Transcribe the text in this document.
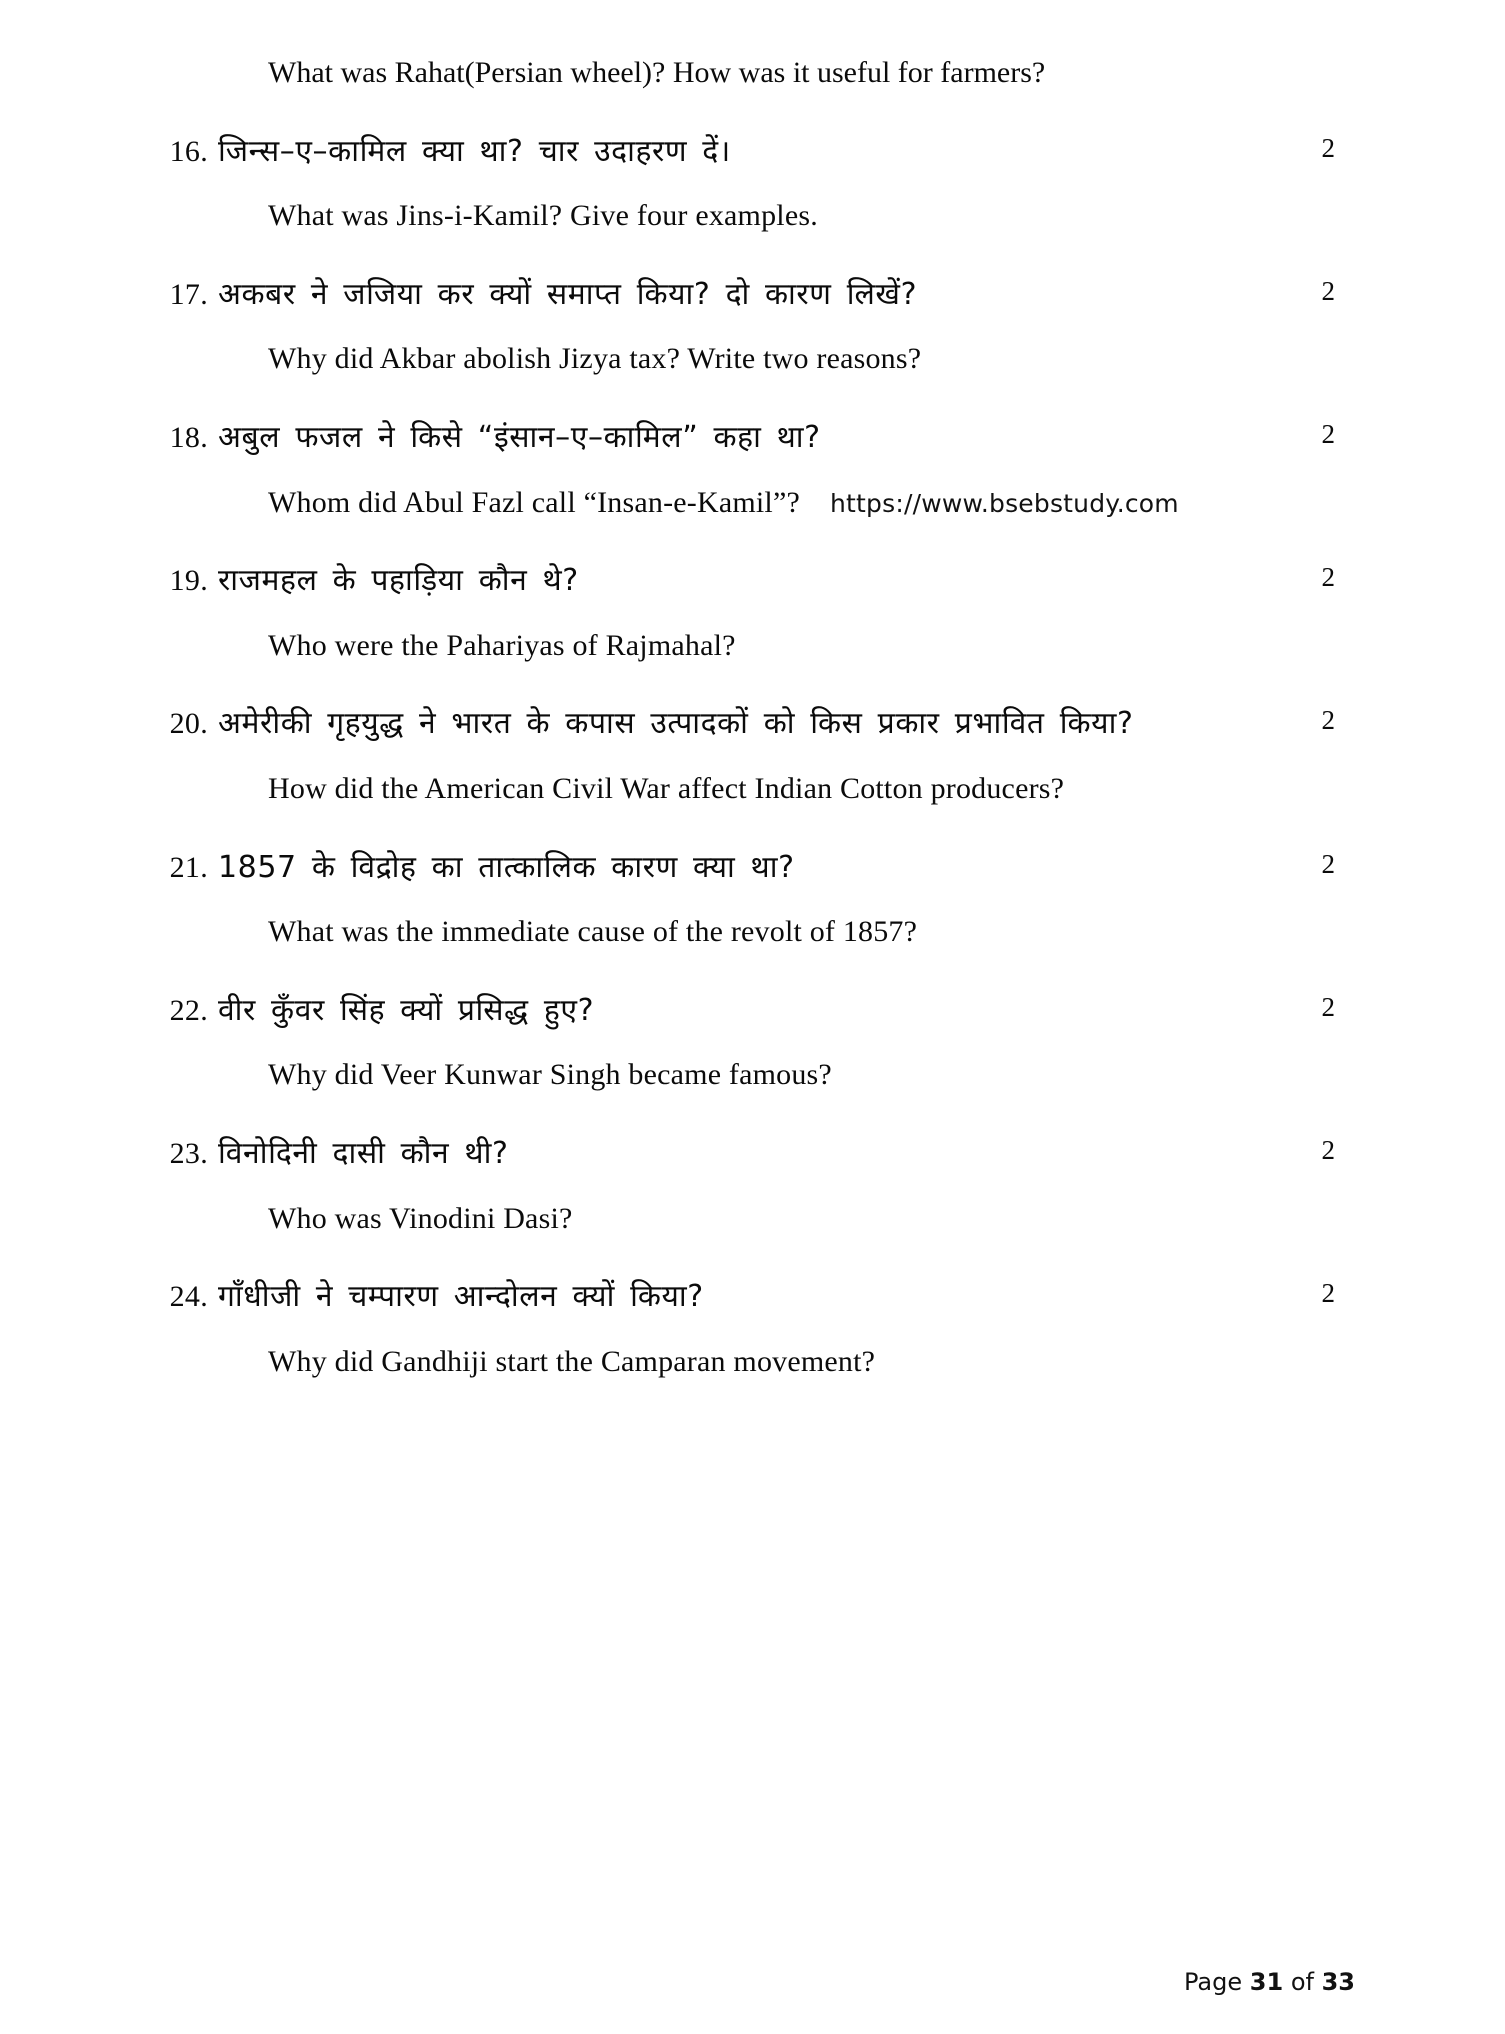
What was Rahat(Persian wheel)? How was it useful for farmers?
16. जिन्स–ए–कामिल क्या था? चार उदाहरण दें।	2
What was Jins-i-Kamil? Give four examples.
17. अकबर ने जजिया कर क्यों समाप्त किया? दो कारण लिखें?	2
Why did Akbar abolish Jizya tax? Write two reasons?
18. अबुल फजल ने किसे “इंसान–ए–कामिल” कहा था?	2
Whom did Abul Fazl call “Insan-e-Kamil”? https://www.bsebstudy.com
19. राजमहल के पहाड़िया कौन थे?	2
Who were the Pahariyas of Rajmahal?
20. अमेरीकी गृहयुद्ध ने भारत के कपास उत्पादकों को किस प्रकार प्रभावित किया?	2
How did the American Civil War affect Indian Cotton producers?
21. 1857 के विद्रोह का तात्कालिक कारण क्या था?	2
What was the immediate cause of the revolt of 1857?
22. वीर कुँवर सिंह क्यों प्रसिद्ध हुए?	2
Why did Veer Kunwar Singh became famous?
23. विनोदिनी दासी कौन थी?	2
Who was Vinodini Dasi?
24. गाँधीजी ने चम्पारण आन्दोलन क्यों किया?	2
Why did Gandhiji start the Camparan movement?
Page 31 of 33
